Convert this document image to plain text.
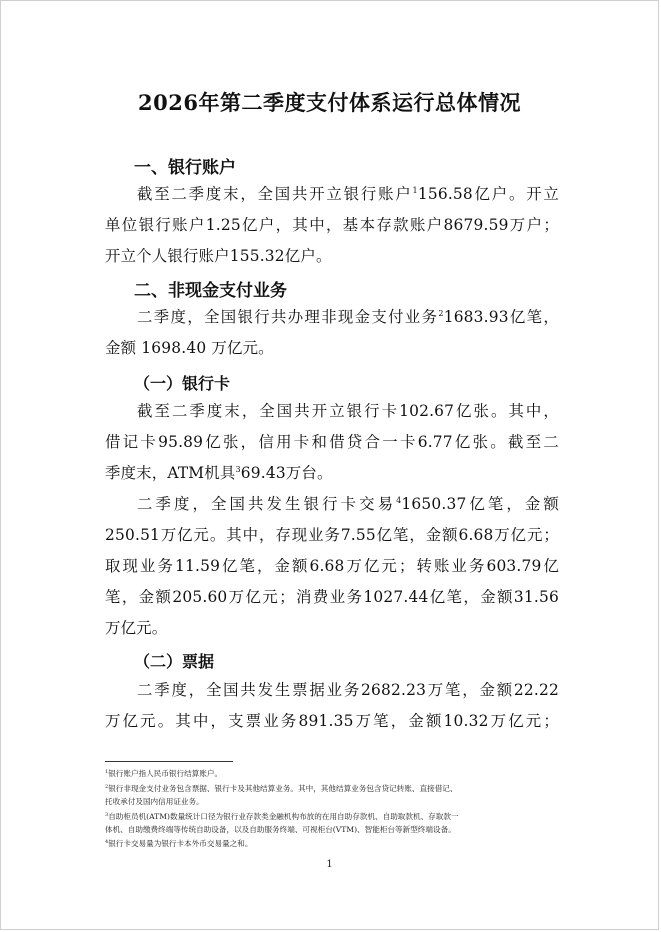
2026年第二季度支付体系运行总体情况
一、银行账户
截至二季度末，全国共开立银行账户$^1$156.58亿户。开立
单位银行账户1.25亿户，其中，基本存款账户8679.59万户；
开立个人银行账户155.32亿户。
二、非现金支付业务
二季度，全国银行共办理非现金支付业务$^2$1683.93亿笔，
金额 1698.40 万亿元。
（一）银行卡
截至二季度末，全国共开立银行卡102.67亿张。其中，
借记卡95.89亿张，信用卡和借贷合一卡6.77亿张。截至二
季度末，ATM机具$^3$69.43万台。
二季度，全国共发生银行卡交易$^4$1650.37亿笔，金额
250.51万亿元。其中，存现业务7.55亿笔，金额6.68万亿元；
取现业务11.59亿笔，金额6.68万亿元；转账业务603.79亿
笔，金额205.60万亿元；消费业务1027.44亿笔，金额31.56
万亿元。
（二）票据
二季度，全国共发生票据业务2682.23万笔，金额22.22
万亿元。其中，支票业务891.35万笔，金额10.32万亿元；
$^1$银行账户指人民币银行结算账户。
$^2$银行非现金支付业务包含票据、银行卡及其他结算业务。其中，其他结算业务包含贷记转账、直接借记、
托收承付及国内信用证业务。
$^3$自助柜员机(ATM)数量统计口径为银行业存款类金融机构布放的在用自助存款机、自助取款机、存取款一
体机、自助缴费终端等传统自助设备，以及自助服务终端、可视柜台(VTM)、智能柜台等新型终端设备。
$^4$银行卡交易量为银行卡本外币交易量之和。
1
